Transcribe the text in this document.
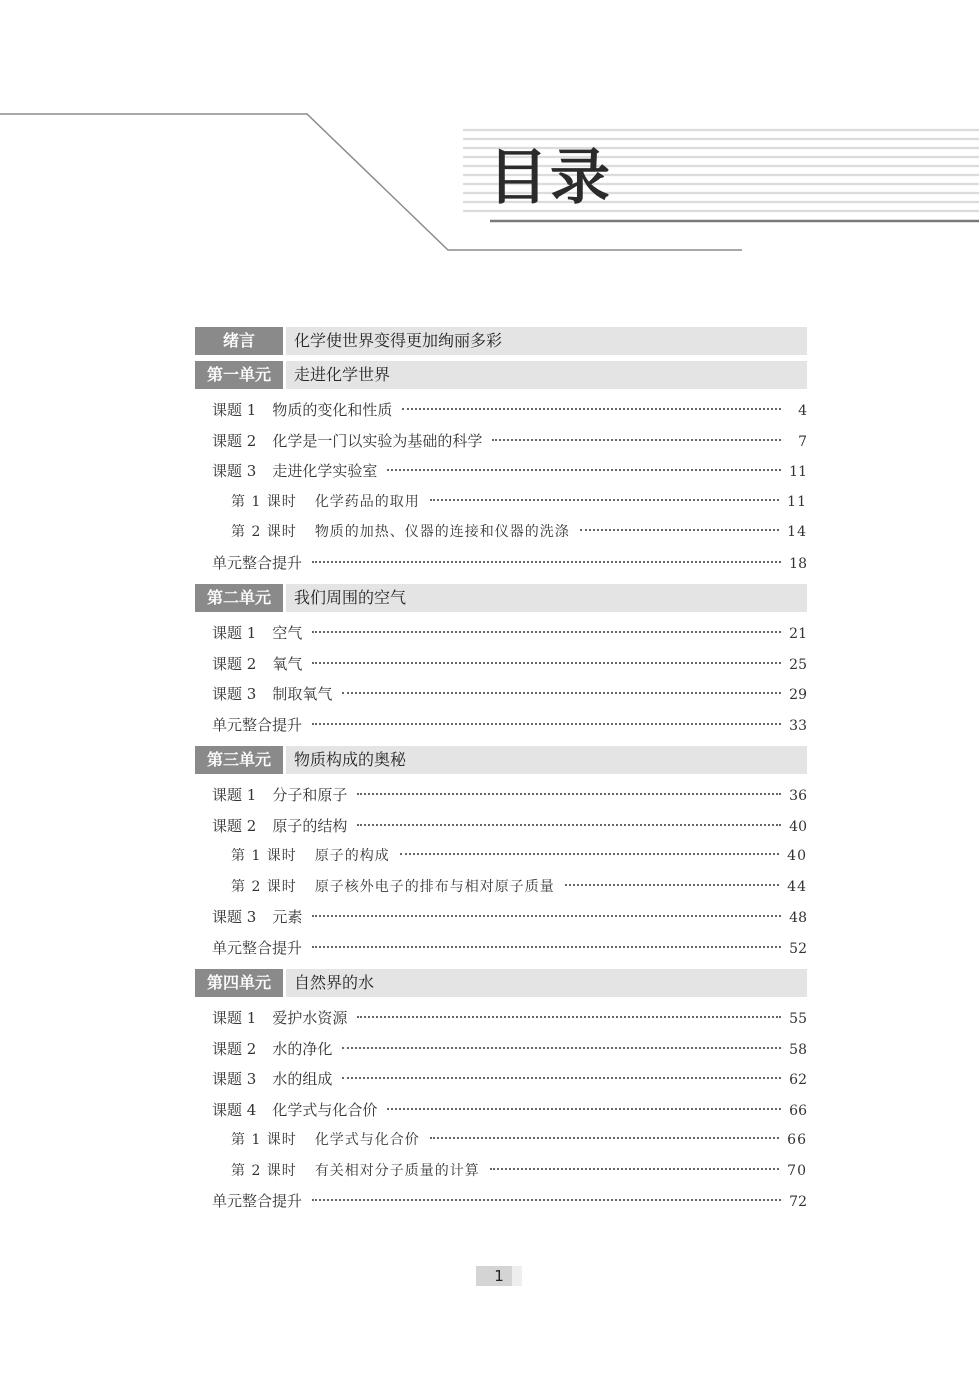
目录
绪言	化学使世界变得更加绚丽多彩
第一单元	走进化学世界
课题 1 物质的变化和性质	4
课题 2 化学是一门以实验为基础的科学	7
课题 3 走进化学实验室	11
第 1 课时 化学药品的取用	11
第 2 课时 物质的加热、仪器的连接和仪器的洗涤	14
单元整合提升	18
第二单元	我们周围的空气
课题 1 空气	21
课题 2 氧气	25
课题 3 制取氧气	29
单元整合提升	33
第三单元	物质构成的奥秘
课题 1 分子和原子	36
课题 2 原子的结构	40
第 1 课时 原子的构成	40
第 2 课时 原子核外电子的排布与相对原子质量	44
课题 3 元素	48
单元整合提升	52
第四单元	自然界的水
课题 1 爱护水资源	55
课题 2 水的净化	58
课题 3 水的组成	62
课题 4 化学式与化合价	66
第 1 课时 化学式与化合价	66
第 2 课时 有关相对分子质量的计算	70
单元整合提升	72
1
